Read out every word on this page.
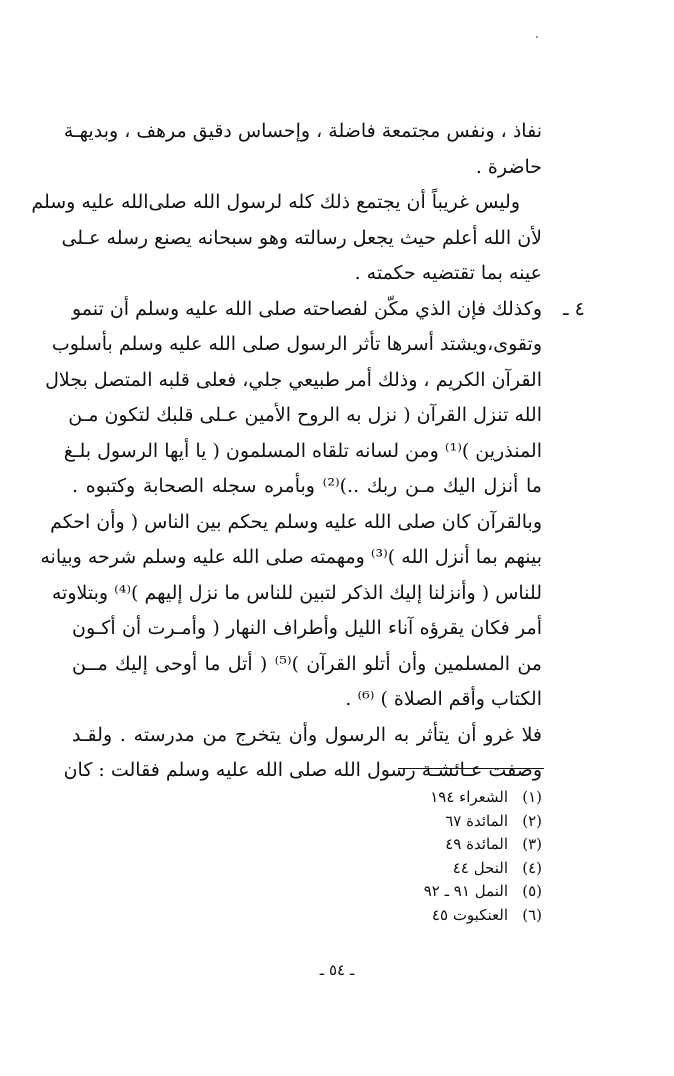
نفاذ ، ونفس مجتمعة فاضلة ، وإحساس دقيق مرهف ، وبديهـة
حاضرة .
وليس غريباً أن يجتمع ذلك كله لرسول الله صلى‌الله عليه وسلم
لأن الله أعلم حيث يجعل رسالته وهو سبحانه يصنع رسله عـلى
عينه بما تقتضيه حكمته .
وكذلك فإن الذي مكّن لفصاحته صلى الله عليه وسلم أن تنمو
وتقوى،ويشتد أسرها تأثر الرسول صلى الله عليه وسلم بأسلوب
القرآن الكريم ، وذلك أمر طبيعي جلي، فعلى قلبه المتصل بجلال
الله تنزل القرآن ( نزل به الروح الأمين عـلى قلبك لتكون مـن
المنذرين )⁽¹⁾ ومن لسانه تلقاه المسلمون ( يا أيها الرسول بلـغ
ما أنزل اليك مـن ربك ..)⁽²⁾ وبأمره سجله الصحابة وكتبوه .
وبالقرآن كان صلى الله عليه وسلم يحكم بين الناس ( وأن احكم
بينهم بما أنزل الله )⁽³⁾ ومهمته صلى الله عليه وسلم شرحه وبيانه
للناس ( وأنزلنا إليك الذكر لتبين للناس ما نزل إليهم )⁽⁴⁾ وبتلاوته
أمر فكان يقرؤه آناء الليل وأطراف النهار ( وأمـرت أن أكـون
من المسلمين وأن أتلو القرآن )⁽⁵⁾ ( أتل ما أوحى إليك مــن
الكتاب وأقم الصلاة ) ⁽⁶⁾ .
فلا غرو أن يتأثر به الرسول وأن يتخرج من مدرسته . ولقـد
وصفت عـائشـة رسول الله صلى الله عليه وسلم فقالت : كان
٤ ـ
(١)الشعراء ١٩٤
(٢)المائدة ٦٧
(٣)المائدة ٤٩
(٤)النحل ٤٤
(٥)النمل ٩١ ـ ٩٢
(٦)العنكبوت ٤٥
ـ ٥٤ ـ
